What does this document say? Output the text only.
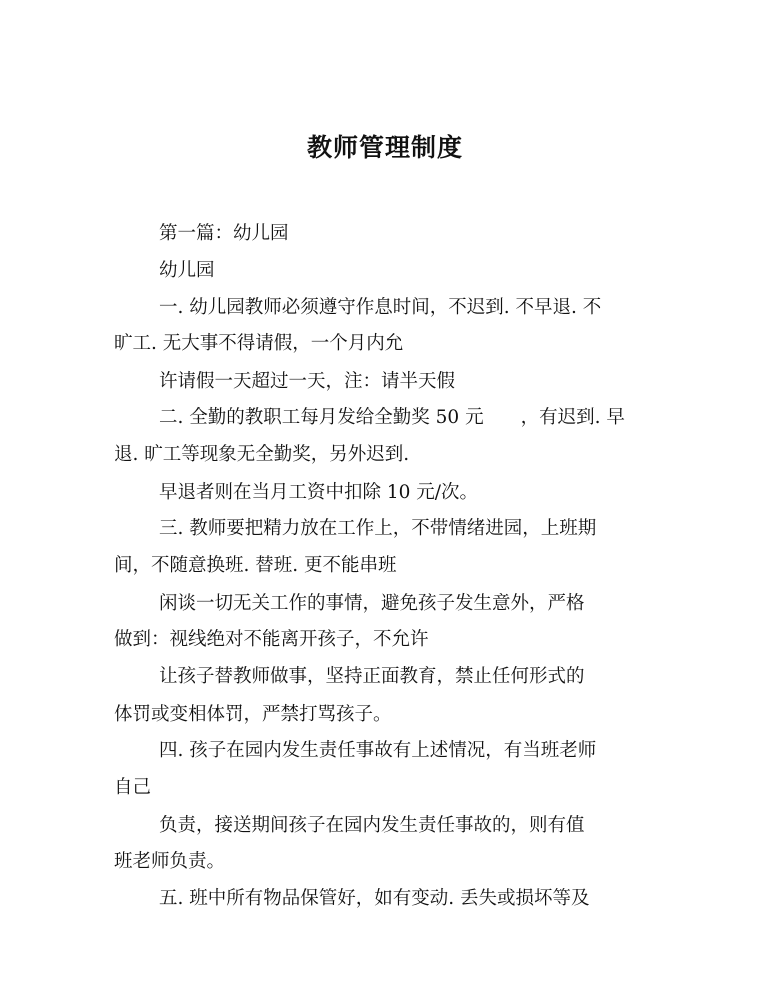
教师管理制度
第一篇：幼儿园
幼儿园
一. 幼儿园教师必须遵守作息时间，不迟到. 不早退. 不
旷工. 无大事不得请假，一个月内允
许请假一天超过一天，注：请半天假
二. 全勤的教职工每月发给全勤奖 50 元　　，有迟到. 早
退. 旷工等现象无全勤奖，另外迟到.
早退者则在当月工资中扣除 10 元/次。
三. 教师要把精力放在工作上，不带情绪进园，上班期
间，不随意换班. 替班. 更不能串班
闲谈一切无关工作的事情，避免孩子发生意外，严格
做到：视线绝对不能离开孩子，不允许
让孩子替教师做事，坚持正面教育，禁止任何形式的
体罚或变相体罚，严禁打骂孩子。
四. 孩子在园内发生责任事故有上述情况，有当班老师
自己
负责，接送期间孩子在园内发生责任事故的，则有值
班老师负责。
五. 班中所有物品保管好，如有变动. 丢失或损坏等及
